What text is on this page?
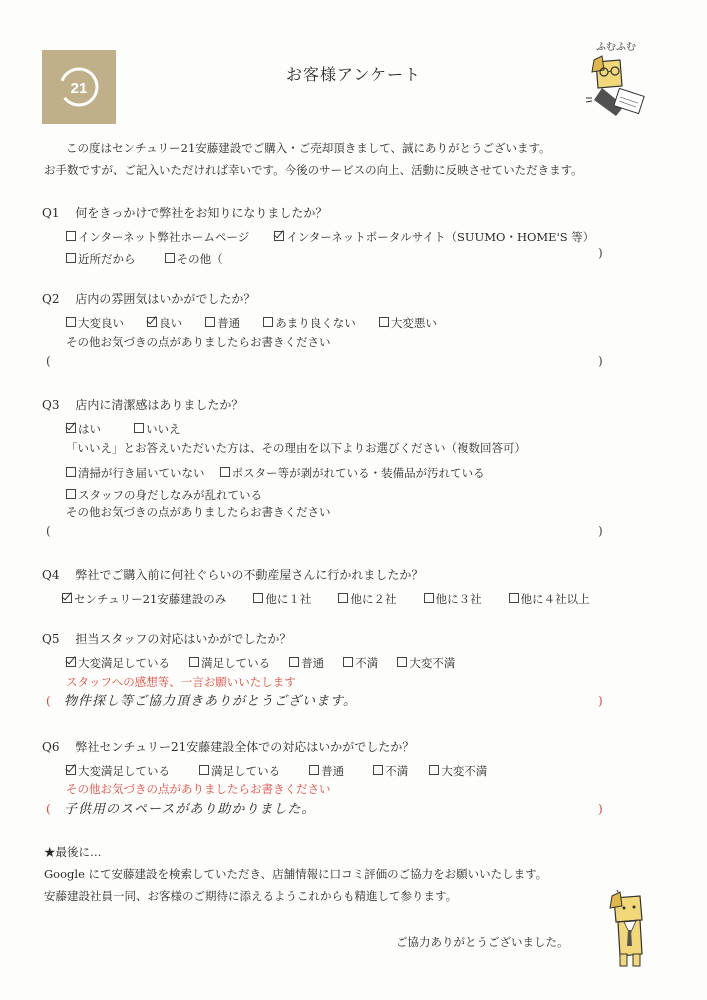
21
お客様アンケート
ふむふむ
この度はセンチュリー21安藤建設でご購入・ご売却頂きまして、誠にありがとうございます。
お手数ですが、ご記入いただければ幸いです。今後のサービスの向上、活動に反映させていただきます。
Q1 何をきっかけで弊社をお知りになりましたか？
インターネット弊社ホームページ	インターネットポータルサイト（SUUMO・HOME'S 等）
近所だから	その他（	)
Q2 店内の雰囲気はいかがでしたか？
大変良い	良い	普通	あまり良くない	大変悪い
その他お気づきの点がありましたらお書きください
(	)
Q3 店内に清潔感はありましたか？
はい	いいえ
「いいえ」とお答えいただいた方は、その理由を以下よりお選びください（複数回答可）
清掃が行き届いていない ポスター等が剥がれている・装備品が汚れている
スタッフの身だしなみが乱れている
その他お気づきの点がありましたらお書きください
(	)
Q4 弊社でご購入前に何社ぐらいの不動産屋さんに行かれましたか？
センチュリー21安藤建設のみ	他に１社	他に２社	他に３社	他に４社以上
Q5 担当スタッフの対応はいかがでしたか？
大変満足している	満足している	普通	不満	大変不満
スタッフへの感想等、一言お願いいたします
( 物件探し等ご協力頂きありがとうございます。	)
Q6 弊社センチュリー21安藤建設全体での対応はいかがでしたか？
大変満足している	満足している	普通	不満	大変不満
その他お気づきの点がありましたらお書きください
( 子供用のスペースがあり助かりました。	)
★最後に…
Google にて安藤建設を検索していただき、店舗情報に口コミ評価のご協力をお願いいたします。
安藤建設社員一同、お客様のご期待に添えるようこれからも精進して参ります。
ご協力ありがとうございました。
